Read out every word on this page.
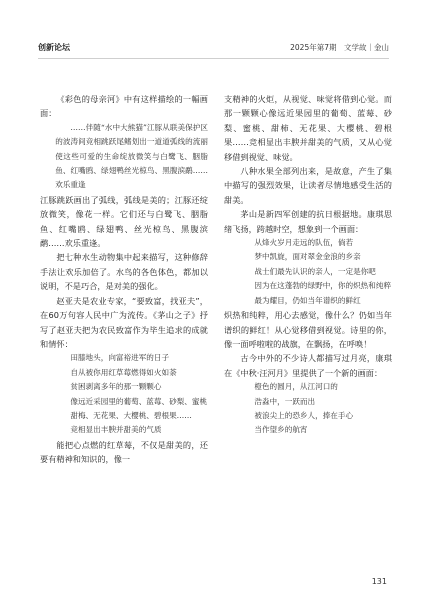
创新论坛	2025年第7期　文学故｜金山

《彩色的母亲河》中有这样描绘的一幅画面：

……伴随“水中大熊猫”江豚从联美保护区的波涛间竞相跳跃尾鳍划出一道道弧线的流丽使这些可爱的生命绽放微笑与白鹭飞、胭脂鱼、红嘴鸥、绿翅鸭丝光椋鸟、黑腹滨鹬……欢乐重逢

江豚跳跃画出了弧线，弧线是美的；江豚还绽放微笑，像花一样。它们还与白鹭飞、胭脂鱼、红嘴鸥、绿翅鸭、丝光椋鸟、黑腹滨鹬……欢乐重逢。

把七种水生动物集中起来描写，这种修辞手法让欢乐加倍了。水鸟的各色体色，都加以说明，不是巧合，是对美的强化。

赵亚夫是农业专家，“要致富，找亚夫”，在60万句容人民中广为流传。《茅山之子》抒写了赵亚夫把为农民致富作为毕生追求的成就和情怀：

田膝地头，向富裕进军的日子

自从被你用红草莓燃得如火如荼

贫困剥离多年的那一颗颗心

像远近采园里的葡萄、蓝莓、砂梨、蜜桃

甜梅、无花果、大樱桃、碧根果……

竞相显出丰腴并甜美的气质

能把心点燃的红草莓，不仅是甜美的，还要有精神和知识的，像一

支精神的火炬，从视觉、味觉将借到心觉。而那一颗颗心像远近果园里的葡萄、蓝莓、砂梨、蜜桃、甜柿、无花果、大樱桃、碧根果……竞相显出丰腴并甜美的气质，又从心觉移借到视觉、味觉。

八种水果全部列出来，是故意，产生了集中描写的强烈效果，让读者尽情地感受生活的甜美。

茅山是新四军创建的抗日根据地。康琪思绪飞扬，跨越时空，想象到一个画面：

从烽火岁月走远的队伍，倘若

梦中凯旋，面对翠金金浪的乡亲

战士们最先认识的亲人，一定是你吧

因为在这蓬勃的绿野中，你的炽热和纯粹

最为耀目，仍如当年谱织的鲜红

炽热和纯粹，用心去感觉，像什么？仍如当年谱织的鲜红！从心觉移借到视觉。诗里的你，像一面呼啦啦的战旗，在飘扬，在呼唤！

古今中外的不少诗人都描写过月亮，康琪在《中秋·汪河月》里提供了一个新的画面：

橙色的圆月，从江河口的

浩淼中，一跃而出

被浪尖上的恐乡人，捧在手心

当作望乡的航宵

131
